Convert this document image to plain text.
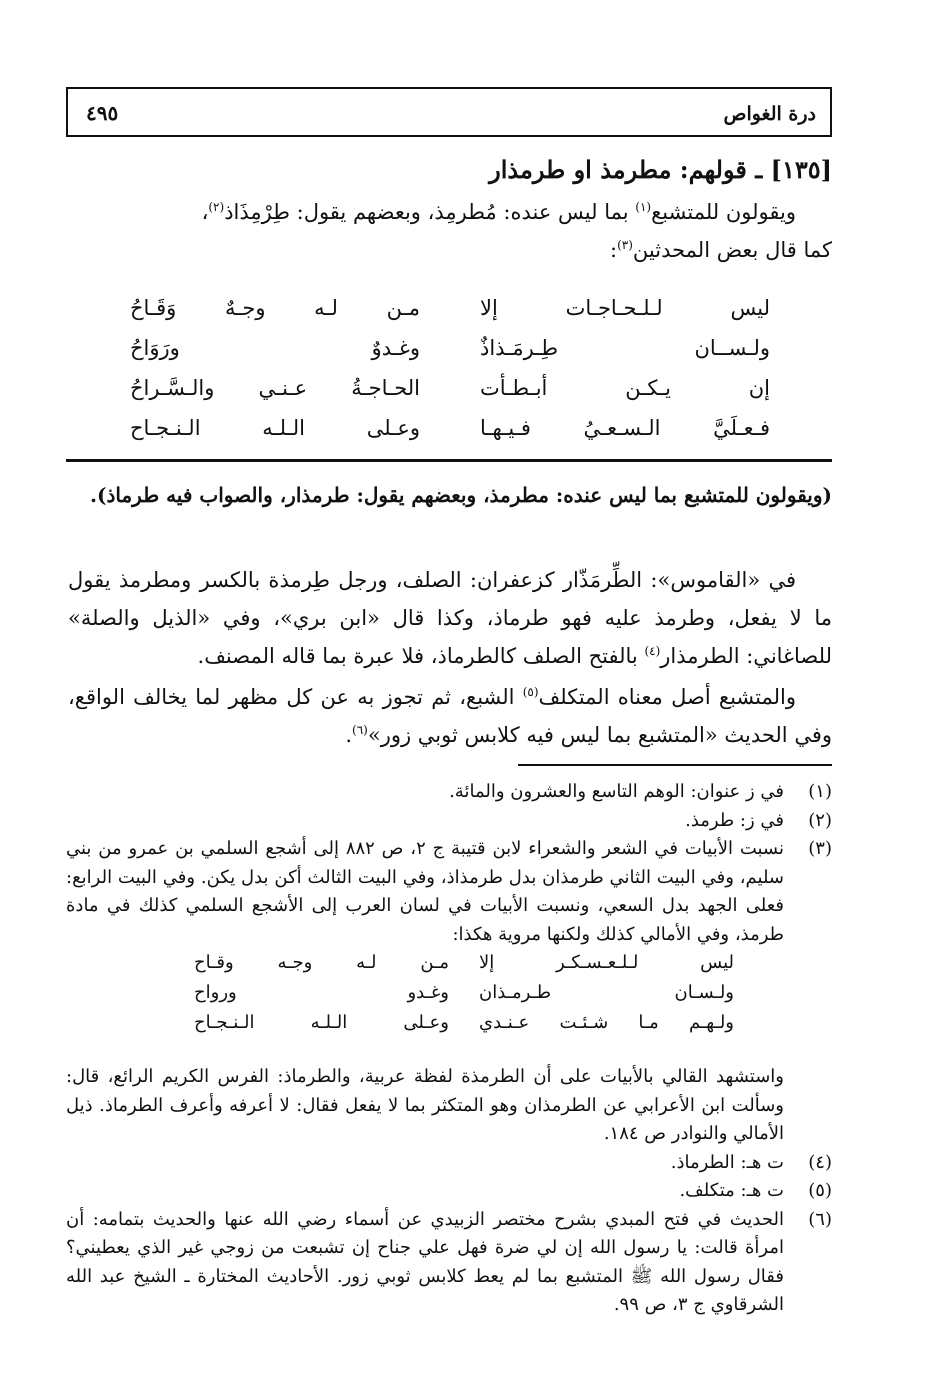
درة الغواص
٤٩٥
[١٣٥] ـ قولهم: مطرمذ او طرمذار
ويقولون للمتشبع$^{(١)}$ بما ليس عنده: مُطرمِذ، وبعضهم يقول: طِرْمِذَاذ$^{(٢)}$،
كما قال بعض المحدثين$^{(٣)}$:
ليس لـلـحـاجـات إلا
مـن لـه وجـهٌ وَقَـاحُ
ولـســان طِـرمَـذاذٌ
وغـدوٌ ورَوَاحُ
إن يـكـن أبـطـأت
الحـاجـةُ عـنـي والـسَّـراحُ
فـعـلَيَّ الـسـعـيُ فـيـهـا
وعـلى الـلـه الـنـجـاح
(ويقولون للمتشبع بما ليس عنده: مطرمذ، وبعضهم يقول: طرمذار، والصواب فيه طرماذ).
في «القاموس»: الطِّرمَذّار كزعفران: الصلف، ورجل طِرمذة بالكسر ومطرمذ يقول ما لا يفعل، وطرمذ عليه فهو طرماذ، وكذا قال «ابن بري»، وفي «الذيل والصلة» للصاغاني: الطرمذار$^{(٤)}$ بالفتح الصلف كالطرماذ، فلا عبرة بما قاله المصنف.
والمتشبع أصل معناه المتكلف$^{(٥)}$ الشبع، ثم تجوز به عن كل مظهر لما يخالف الواقع، وفي الحديث «المتشبع بما ليس فيه كلابس ثوبي زور»$^{(٦)}$.
(١)
في ز عنوان: الوهم التاسع والعشرون والمائة.
(٢)
في ز: طرمذ.
(٣)
نسبت الأبيات في الشعر والشعراء لابن قتيبة ج ٢، ص ٨٨٢ إلى أشجع السلمي بن عمرو من بني سليم، وفي البيت الثاني طرمذان بدل طرمذاذ، وفي البيت الثالث أكن بدل يكن. وفي البيت الرابع: فعلى الجهد بدل السعي، ونسبت الأبيات في لسان العرب إلى الأشجع السلمي كذلك في مادة طرمذ، وفي الأمالي كذلك ولكنها مروية هكذا:
ليس لـلـعـسـكـر إلا
مـن لـه وجـه وقـاح
ولـسـان طـرمـذان
وغـدو ورواح
ولـهـم مـا شـئـت عـنـدي
وعـلى الـلـه الـنـجـاح
واستشهد القالي بالأبيات على أن الطرمذة لفظة عربية، والطرماذ: الفرس الكريم الرائع، قال: وسألت ابن الأعرابي عن الطرمذان وهو المتكثر بما لا يفعل فقال: لا أعرفه وأعرف الطرماذ. ذيل الأمالي والنوادر ص ١٨٤.
(٤)
ت هـ: الطرماذ.
(٥)
ت هـ: متكلف.
(٦)
الحديث في فتح المبدي بشرح مختصر الزبيدي عن أسماء رضي الله عنها والحديث بتمامه: أن امرأة قالت: يا رسول الله إن لي ضرة فهل علي جناح إن تشبعت من زوجي غير الذي يعطيني؟ فقال رسول الله ﷺ المتشبع بما لم يعط كلابس ثوبي زور. الأحاديث المختارة ـ الشيخ عبد الله الشرقاوي ج ٣، ص ٩٩.
